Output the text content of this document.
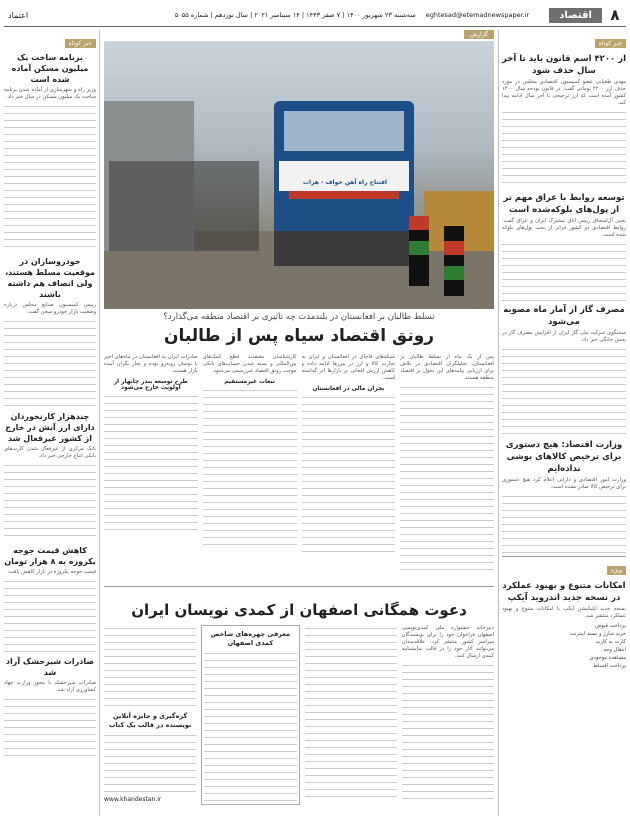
۸
اقتصاد
eghtesad@etemadnewspaper.ir
سه‌شنبه ۲۳ شهریور ۱۴۰۰ | ۷ صفر ۱۴۴۳ | ۱۴ سپتامبر ۲۰۲۱ | سال نوزدهم | شماره ۵۰۵۵
اعتماد
خبر کوتاه
از ۴۲۰۰ اسم قانون باید تا آخر سال حذف شود

مهدی طغیانی عضو کمیسیون اقتصادی مجلس در مورد حذف ارز ۴۲۰۰ تومانی گفت: در قانون بودجه سال ۱۴۰۰ کشور آمده است که ارز ترجیحی تا آخر سال ادامه پیدا کند.

توسعه روابط با عراق مهم تر از پول‌های بلوکه‌شده است

یحیی آل‌اسحاق رییس اتاق مشترک ایران و عراق گفت: روابط اقتصادی دو کشور فراتر از بحث پول‌های بلوکه شده است.

مصرف گاز از آمار ماه‌ مصوبه می‌شود

سخنگوی شرکت ملی گاز ایران از افزایش مصرف گاز در بخش خانگی خبر داد.

وزارت اقتصاد: هیچ دستوری برای ترخیص کالاهای بوشی نداده‌ایم

وزارت امور اقتصادی و دارایی اعلام کرد هیچ دستوری برای ترخیص کالا صادر نشده است.

ویژه
امکانات متنوع و بهبود عملکرد در نسخه جدید اندروید آیکپ

نسخه جدید اپلیکیشن آیکپ با امکانات متنوع و بهبود عملکرد منتشر شد.

پرداخت قبوض
خرید شارژ و بسته اینترنت
کارت به کارت
انتقال وجه
مشاهده موجودی
پرداخت اقساط
خبر کوتاه
برنامه ساخت یک میلیون مسکن آماده شده است

وزیر راه و شهرسازی از آماده شدن برنامه ساخت یک میلیون مسکن در سال خبر داد.

خودروسازان در موقعیت مسلط هستند، ولی اتصاف هم داشته باشند

رییس کمیسیون صنایع مجلس درباره وضعیت بازار خودرو سخن گفت.

چندهزار کارنخوردان دارای ارز آنش در خارج از کشور غیرفعال شد

بانک مرکزی از غیرفعال شدن کارت‌های بانکی اتباع خارجی خبر داد.

کاهش قیمت جوجه یکروزه به ۸ هزار تومان

قیمت جوجه یکروزه در بازار کاهش یافت.

صادرات شیرخشک آزاد شد

صادرات شیرخشک با مجوز وزارت جهاد کشاورزی آزاد شد.

گزارش
افتتاح راه آهن خواف - هرات
تسلط طالبان بر افغانستان در بلندمدت چه تاثیری بر اقتصاد منطقه می‌گذارد؟
رونق اقتصاد سیاه پس از طالبان

پس از یک ماه از تسلط طالبان بر افغانستان، تحلیلگران اقتصادی در تلاش برای ارزیابی پیامدهای این تحول بر اقتصاد منطقه هستند.

شبکه‌های قاچاق در افغانستان و ایران به تجارت کالا و ارز در مرزها ادامه داده و کاهش ارزش افغانی بر بازارها اثر گذاشته است.

بحران مالی در افغانستان

کارشناسان معتقدند قطع کمک‌های بین‌المللی و بسته شدن حساب‌های بانکی موجب رونق اقتصاد غیررسمی می‌شود.

تبعات غیرمستقیم

صادرات ایران به افغانستان در ماه‌های اخیر با نوسان روبه‌رو بوده و تجار نگران آینده بازار هستند.

طرح توسعه بندر چابهار از اولویت خارج می‌شود

دعوت همگانی اصفهان از کمدی نویسان ایران

دبیرخانه جشنواره ملی کمدی‌نویسی اصفهان فراخوان خود را برای نویسندگان سراسر کشور منتشر کرد. علاقه‌مندان می‌توانند آثار خود را در قالب نمایشنامه کمدی ارسال کنند.

معرفی چهره‌های شاخص کمدی اصفهان

گره‌گیری و جایزه آنلاین نویسنده در قالب یک کتاب

www.khandestan.ir
